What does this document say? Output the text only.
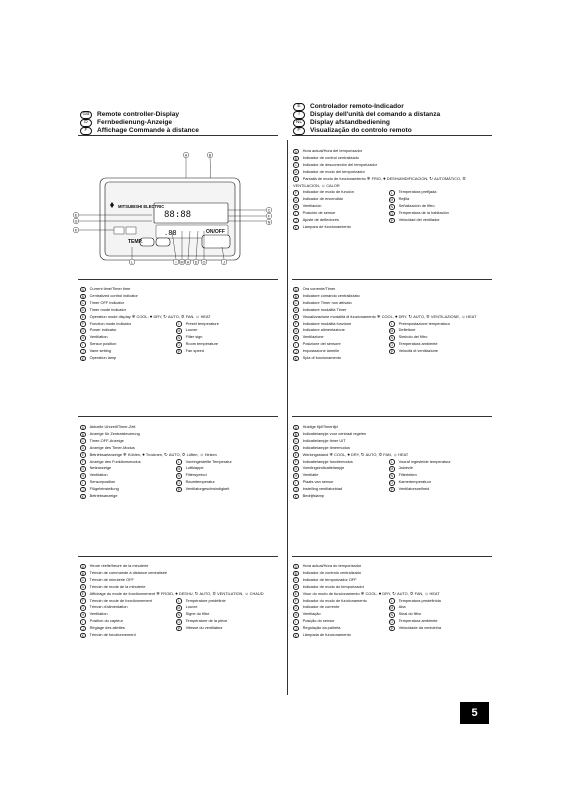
GB	Remote controller-Display
D	Fernbedienung-Anzeige
F	Affichage Commande à distance
E	Controlador remoto-Indicador
I	Display dell'unità del comando a distanza
NL	Display afstandbediening
P	Visualização do controlo remoto
MITSUBISHI ELECTRIC
TEMP.
ON/OFF
88:88
.88
A	B
E
G
K
C
F
N
L	I M H D O	J
A	Hora actual/Hora del temporizador
B	Indicador de control centralizado
C	Indicador de desconexión del temporizador
D	Indicador de modo del temporizador
E	Pantalla de modo de funcionamiento ❄ FRIO, ● DESHUMIDIFICACION, ↻ AUTOMÁTICO, ✡
VENTILACION, ☼ CALOR
F	Indicador de modo de función
G	Indicador de encendido
H	Ventilación
I	Posición de sensor
J	Ajuste de deflectores
K	Lámpara de funcionamiento
L	Temperatura prefijada
M	Rejilla
N	Señalización de filtro
O	Temperatura de la habitación
P	Velocidad del ventilador
A	Current time/Timer time
B	Centralized control indicator
C	Timer OFF indicator
D	Timer mode indicator
E	Operation mode display ❄ COOL, ● DRY, ↻ AUTO, ✡ FAN, ☼ HEAT
F	Function mode indicator
G	Power indicator
H	Ventilation
I	Sensor position
J	Vane setting
K	Operation lamp
L	Preset temperature
M	Louver
N	Filter sign
O	Room temperature
P	Fan speed
A	Ora corrente/Timer
B	Indicatore comando centralizzato
C	Indicatore Timer non attivato
D	Indicatore modalità Timer
E	Visualizzazione modalità di funzionamento ❄ COOL, ● DRY, ↻ AUTO, ✡ VENTILAZIONE, ☼ HEAT
F	Indicatore modalità funzione
G	Indicatore alimentazione
H	Ventilazione
I	Posizione del sensore
J	Impostazione lamelle
K	Spia di funzionamento
L	Preimpostazione temperatura
M	Deflettore
N	Simbolo del filtro
O	Temperatura ambiente
P	Velocità di ventilazione
A	Aktuelle Uhrzeit/Timer-Zeit
B	Anzeige für Zentralsteuerung
C	Timer-OFF-Anzeige
D	Anzeige des Timer-Modus
E	Betriebsartanzeige ❄ Kühlen, ● Trocknen, ↻ AUTO, ✡ Lüften, ☼ Heizen
F	Anzeige des Funktionsmodus
G	Netzanzeige
H	Ventilation
I	Sensorposition
J	Flügeleinstellung
K	Betriebsanzeige
L	Voreingestellte Temperatur
M	Luftklappe
N	Filtersymbol
O	Raumtemperatur
P	Ventilatorgeschwindigkeit
A	Huidige tijd/Timertijd
B	Indicatielampje voor centraal regelen
C	Indicatielampje timer UIT
D	Indicatielampje timermodus
E	Werkingsstand ❄ COOL, ● DRY, ↻ AUTO, ✡ FAN, ☼ HEAT
F	Indicatielampje functiemodus
G	Voedingsindicatielampje
H	Ventilatie
I	Plaats van sensor
J	Instelling ventilatorblad
K	Bedrijfslamp
L	Vooraf ingestelde temperatuur
M	Jaloezie
N	Filterteken
O	Kamertemperatuur
P	Ventilatorsnelheid
A	Heure réelle/heure de la minuterie
B	Témoin de commande à distance centralisée
C	Témoin de minuterie OFF
D	Témoin de mode de la minuterie
E	Affichage du mode de fonctionnement ❄ FROID, ● DESHU, ↻ AUTO, ✡ VENTILATION, ☼ CHAUD
F	Témoin de mode de fonctionnement
G	Témoin d'alimentation
H	Ventilation
I	Position du capteur
J	Réglage des ailettes
K	Témoin de fonctionnement
L	Température prédéfinie
M	Louvre
N	Signe du filtre
O	Température de la pièce
P	Vitesse du ventilateur
A	Hora actual/Hora do temporizador
B	Indicador de controlo centralizado
C	Indicador de temporizador OFF
D	Indicador de modo do temporizador
E	Visor do modo de funcionamento ❄ COOL, ● DRY, ↻ AUTO, ✡ FAN, ☼ HEAT
F	Indicador do modo de funcionamento
G	Indicador de corrente
H	Ventilação
I	Posição do sensor
J	Regulação da palheta
K	Lâmpada de funcionamento
L	Temperatura predefinida
M	Aba
N	Sinal do filtro
O	Temperatura ambiente
P	Velocidade da ventoinha
5
